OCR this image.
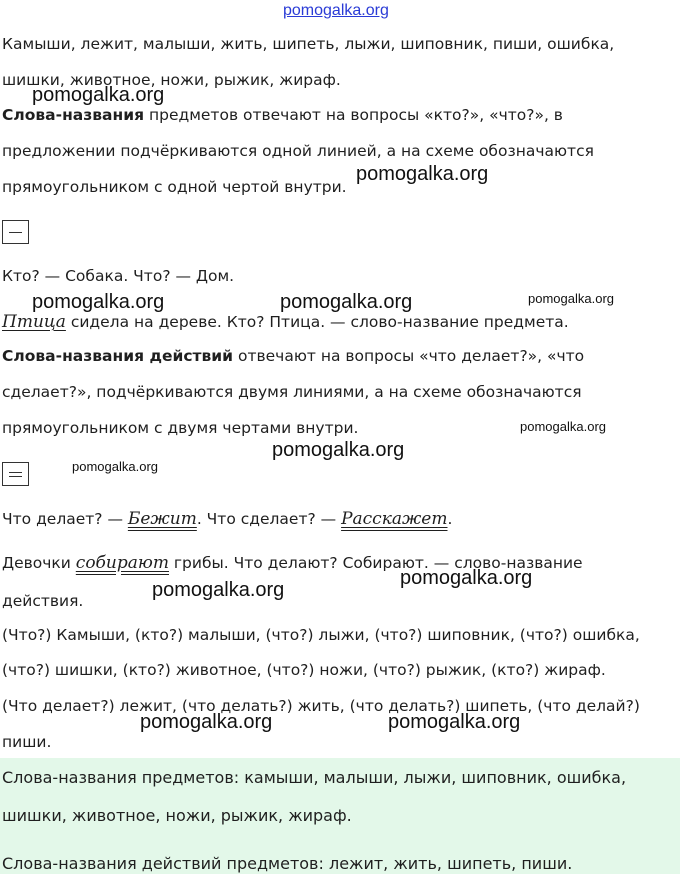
pomogalka.org
Камыши, лежит, малыши, жить, шипеть, лыжи, шиповник, пиши, ошибка,
шишки, животное, ножи, рыжик, жираф.
Слова-названия предметов отвечают на вопросы «кто?», «что?», в
предложении подчёркиваются одной линией, а на схеме обозначаются
прямоугольником с одной чертой внутри.
Кто? — Собака. Что? — Дом.
Птица сидела на дереве. Кто? Птица. — слово-название предмета.
Слова-названия действий отвечают на вопросы «что делает?», «что
сделает?», подчёркиваются двумя линиями, а на схеме обозначаются
прямоугольником с двумя чертами внутри.
Что делает? — Бежит. Что сделает? — Расскажет.
Девочки собирают грибы. Что делают? Собирают. — слово-название
действия.
(Что?) Камыши, (кто?) малыши, (что?) лыжи, (что?) шиповник, (что?) ошибка,
(что?) шишки, (кто?) животное, (что?) ножи, (что?) рыжик, (кто?) жираф.
(Что делает?) лежит, (что делать?) жить, (что делать?) шипеть, (что делай?)
пиши.
Слова-названия предметов: камыши, малыши, лыжи, шиповник, ошибка,
шишки, животное, ножи, рыжик, жираф.
Слова-названия действий предметов: лежит, жить, шипеть, пиши.
pomogalka.org
pomogalka.org
pomogalka.org	pomogalka.org	pomogalka.org
pomogalka.org
pomogalka.org
pomogalka.org
pomogalka.org
pomogalka.org
pomogalka.org	pomogalka.org
